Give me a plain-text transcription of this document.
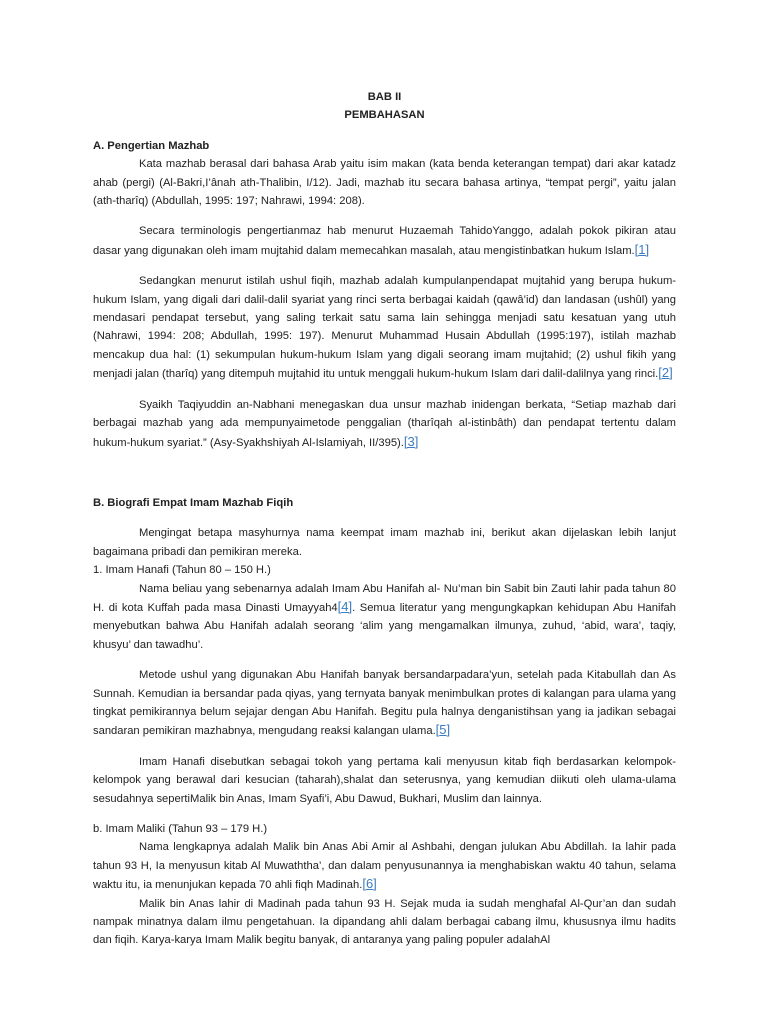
BAB II
PEMBAHASAN

A. Pengertian Mazhab

Kata mazhab berasal dari bahasa Arab yaitu isim makan (kata benda keterangan tempat) dari akar katadz ahab (pergi) (Al-Bakri,I’ânah ath-Thalibin, I/12). Jadi, mazhab itu secara bahasa artinya, “tempat pergi”, yaitu jalan (ath-tharîq) (Abdullah, 1995: 197; Nahrawi, 1994: 208).

Secara terminologis pengertianmaz hab menurut Huzaemah TahidoYanggo, adalah pokok pikiran atau dasar yang digunakan oleh imam mujtahid dalam memecahkan masalah, atau mengistinbatkan hukum Islam. [ 1 ]

Sedangkan menurut istilah ushul fiqih, mazhab adalah kumpulanpendapat mujtahid yang berupa hukum-hukum Islam, yang digali dari dalil-dalil syariat yang rinci serta berbagai kaidah (qawâ’id) dan landasan (ushûl) yang mendasari pendapat tersebut, yang saling terkait satu sama lain sehingga menjadi satu kesatuan yang utuh (Nahrawi, 1994: 208; Abdullah, 1995: 197). Menurut Muhammad Husain Abdullah (1995:197), istilah mazhab mencakup dua hal: (1) sekumpulan hukum-hukum Islam yang digali seorang imam mujtahid; (2) ushul fikih yang menjadi jalan (tharîq) yang ditempuh mujtahid itu untuk menggali hukum-hukum Islam dari dalil-dalilnya yang rinci. [ 2 ]

Syaikh Taqiyuddin an-Nabhani menegaskan dua unsur mazhab inidengan berkata, “Setiap mazhab dari berbagai mazhab yang ada mempunyaimetode penggalian (tharîqah al-istinbâth) dan pendapat tertentu dalam hukum-hukum syariat.” (Asy-Syakhshiyah Al-Islamiyah, II/395). [ 3 ]

B. Biografi Empat Imam Mazhab Fiqih

Mengingat betapa masyhurnya nama keempat imam mazhab ini, berikut akan dijelaskan lebih lanjut bagaimana pribadi dan pemikiran mereka.

1. Imam Hanafi (Tahun 80 – 150 H.)

Nama beliau yang sebenarnya adalah Imam Abu Hanifah al- Nu’man bin Sabit bin Zauti lahir pada tahun 80 H. di kota Kuffah pada masa Dinasti Umayyah4 [ 4 ] . Semua literatur yang mengungkapkan kehidupan Abu Hanifah menyebutkan bahwa Abu Hanifah adalah seorang ‘alim yang mengamalkan ilmunya, zuhud, ‘abid, wara’, taqiy, khusyu’ dan tawadhu’.

Metode ushul yang digunakan Abu Hanifah banyak bersandarpadara’yun, setelah pada Kitabullah dan As Sunnah. Kemudian ia bersandar pada qiyas, yang ternyata banyak menimbulkan protes di kalangan para ulama yang tingkat pemikirannya belum sejajar dengan Abu Hanifah. Begitu pula halnya denganistihsan yang ia jadikan sebagai sandaran pemikiran mazhabnya, mengudang reaksi kalangan ulama. [ 5 ]

Imam Hanafi disebutkan sebagai tokoh yang pertama kali menyusun kitab fiqh berdasarkan kelompok-kelompok yang berawal dari kesucian (taharah),shalat dan seterusnya, yang kemudian diikuti oleh ulama-ulama sesudahnya sepertiMalik bin Anas, Imam Syafi’i, Abu Dawud, Bukhari, Muslim dan lainnya.

b. Imam Maliki (Tahun 93 – 179 H.)

Nama lengkapnya adalah Malik bin Anas Abi Amir al Ashbahi, dengan julukan Abu Abdillah. Ia lahir pada tahun 93 H, Ia menyusun kitab Al Muwaththa’, dan dalam penyusunannya ia menghabiskan waktu 40 tahun, selama waktu itu, ia menunjukan kepada 70 ahli fiqh Madinah. [ 6 ]

Malik bin Anas lahir di Madinah pada tahun 93 H. Sejak muda ia sudah menghafal Al-Qur’an dan sudah nampak minatnya dalam ilmu pengetahuan. Ia dipandang ahli dalam berbagai cabang ilmu, khususnya ilmu hadits dan fiqih. Karya-karya Imam Malik begitu banyak, di antaranya yang paling populer adalahAl
